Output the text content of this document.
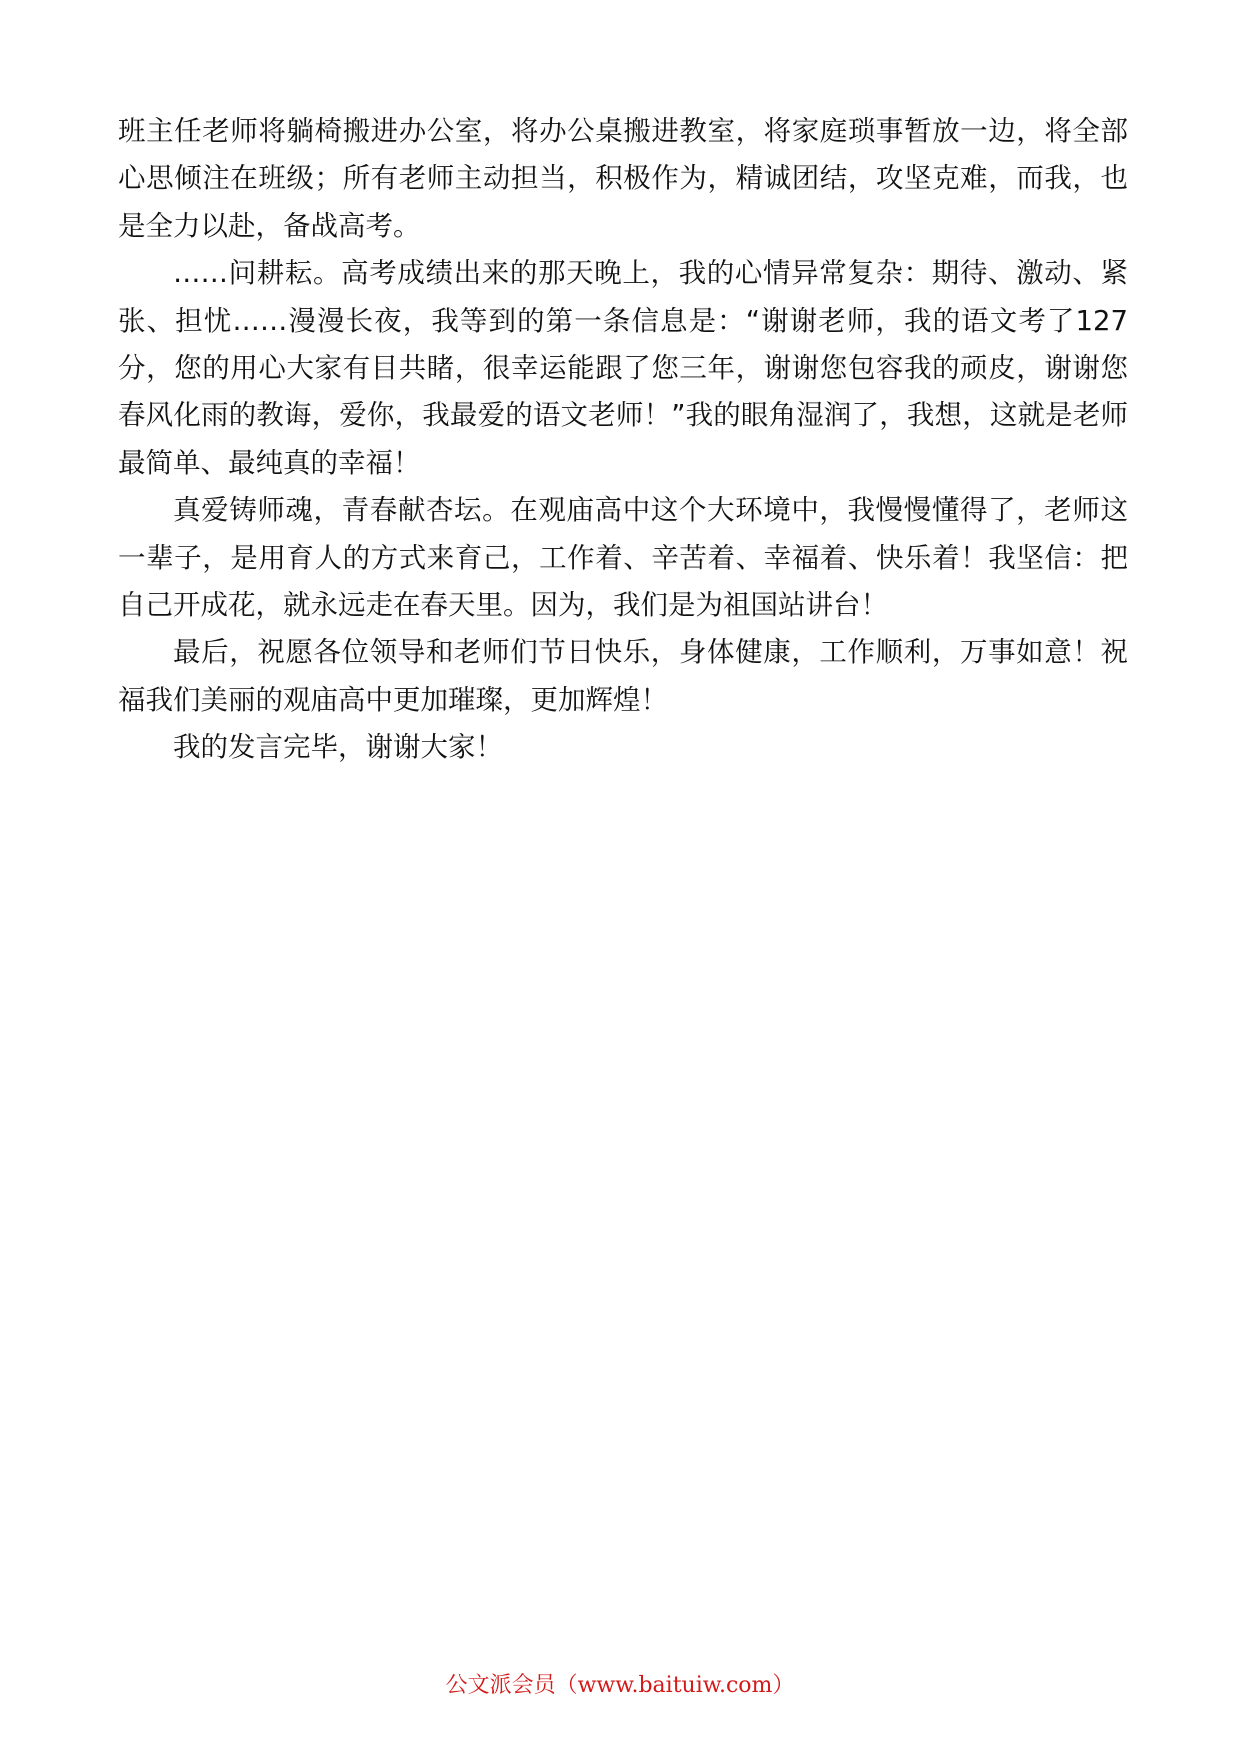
班主任老师将躺椅搬进办公室，将办公桌搬进教室，将家庭琐事暂放一边，将全部心思倾注在班级；所有老师主动担当，积极作为，精诚团结，攻坚克难，而我，也是全力以赴，备战高考。

……问耕耘。高考成绩出来的那天晚上，我的心情异常复杂：期待、激动、紧张、担忧……漫漫长夜，我等到的第一条信息是：“谢谢老师，我的语文考了127分，您的用心大家有目共睹，很幸运能跟了您三年，谢谢您包容我的顽皮，谢谢您春风化雨的教诲，爱你，我最爱的语文老师！”我的眼角湿润了，我想，这就是老师最简单、最纯真的幸福！

真爱铸师魂，青春献杏坛。在观庙高中这个大环境中，我慢慢懂得了，老师这一辈子，是用育人的方式来育己，工作着、辛苦着、幸福着、快乐着！我坚信：把自己开成花，就永远走在春天里。因为，我们是为祖国站讲台！

最后，祝愿各位领导和老师们节日快乐，身体健康，工作顺利，万事如意！祝福我们美丽的观庙高中更加璀璨，更加辉煌！

我的发言完毕，谢谢大家！

公文派会员（www.baituiw.com）
